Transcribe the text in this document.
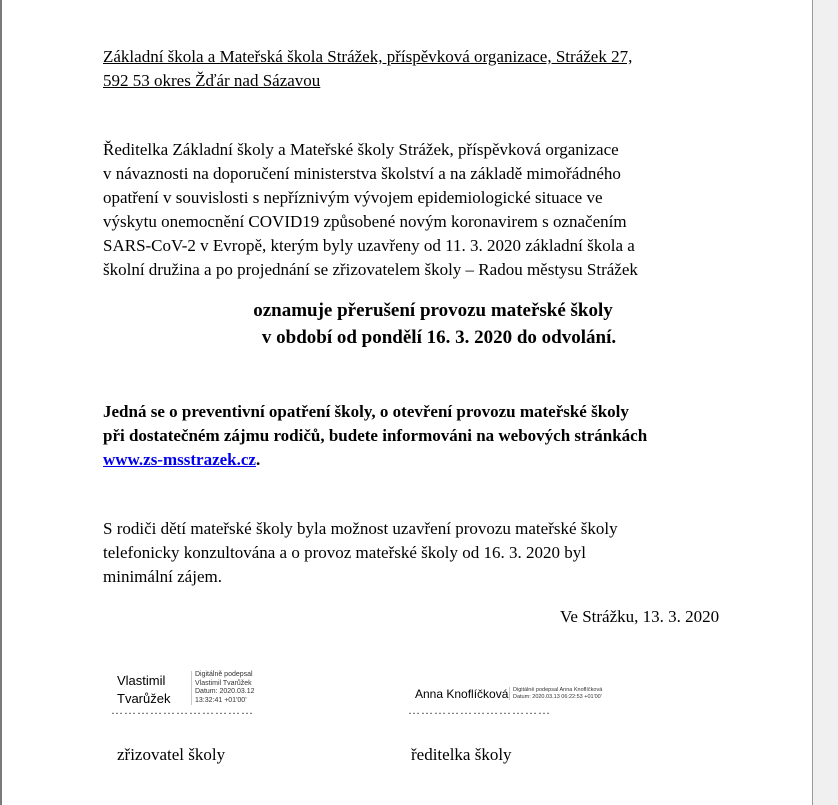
Základní škola a Mateřská škola Strážek, příspěvková organizace, Strážek 27,
592 53 okres Žďár nad Sázavou
Ředitelka Základní školy a Mateřské školy Strážek, příspěvková organizace
v návaznosti na doporučení ministerstva školství a na základě mimořádného
opatření v souvislosti s nepříznivým vývojem epidemiologické situace ve
výskytu onemocnění COVID19 způsobené novým koronavirem s označením
SARS-CoV-2 v Evropě, kterým byly uzavřeny od 11. 3. 2020 základní škola a
školní družina a po projednání se zřizovatelem školy – Radou městysu Strážek
oznamuje přerušení provozu mateřské školy
v období od pondělí 16. 3. 2020 do odvolání.
Jedná se o preventivní opatření školy, o otevření provozu mateřské školy
při dostatečném zájmu rodičů, budete informováni na webových stránkách
www.zs-msstrazek.cz.
S rodiči dětí mateřské školy byla možnost uzavření provozu mateřské školy
telefonicky konzultována a o provoz mateřské školy od 16. 3. 2020 byl
minimální zájem.
Ve Strážku, 13. 3. 2020
Vlastimil
Tvarůžek
Digitálně podepsal
Vlastimil Tvarůžek
Datum: 2020.03.12
13:32:41 +01'00'
……………………………
zřizovatel školy
Anna Knoflíčková Digitálně podepsal Anna Knoflíčková
Datum: 2020.03.13 06:22:53 +01'00'
……………………………
ředitelka školy
